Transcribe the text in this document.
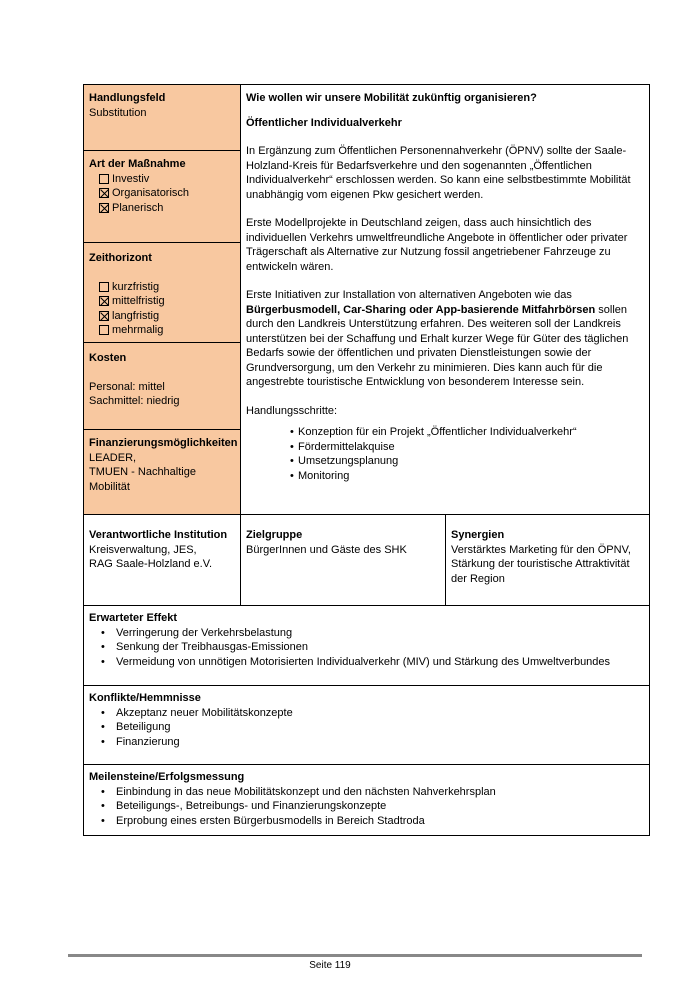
Handlungsfeld

Substitution

Art der Maßnahme

Investiv
Organisatorisch
Planerisch

Zeithorizont

kurzfristig
mittelfristig
langfristig
mehrmalig

Kosten

Personal: mittel

Sachmittel: niedrig

Finanzierungsmöglichkeiten

LEADER,

TMUEN - Nachhaltige

Mobilität

Wie wollen wir unsere Mobilität zukünftig organisieren?

Öffentlicher Individualverkehr

In Ergänzung zum Öffentlichen Personennahverkehr (ÖPNV) sollte der Saale-Holzland-Kreis für Bedarfsverkehre und den sogenannten „Öffentlichen Individualverkehr“ erschlossen werden. So kann eine selbstbestimmte Mobilität unabhängig vom eigenen Pkw gesichert werden.

Erste Modellprojekte in Deutschland zeigen, dass auch hinsichtlich des individuellen Verkehrs umweltfreundliche Angebote in öffentlicher oder privater Trägerschaft als Alternative zur Nutzung fossil angetriebener Fahrzeuge zu entwickeln wären.

Erste Initiativen zur Installation von alternativen Angeboten wie das Bürgerbusmodell, Car-Sharing oder App-basierende Mitfahrbörsen sollen durch den Landkreis Unterstützung erfahren. Des weiteren soll der Landkreis unterstützen bei der Schaffung und Erhalt kurzer Wege für Güter des täglichen Bedarfs sowie der öffentlichen und privaten Dienstleistungen sowie der Grundversorgung, um den Verkehr zu minimieren. Dies kann auch für die angestrebte touristische Entwicklung von besonderem Interesse sein.

Handlungsschritte:

• Konzeption für ein Projekt „Öffentlicher Individualverkehr“
• Fördermittelakquise
• Umsetzungsplanung
• Monitoring

Verantwortliche Institution

Kreisverwaltung, JES,

RAG Saale-Holzland e.V.

Zielgruppe

BürgerInnen und Gäste des SHK

Synergien

Verstärktes Marketing für den ÖPNV, Stärkung der touristische Attraktivität der Region

Erwarteter Effekt

• Verringerung der Verkehrsbelastung
• Senkung der Treibhausgas-Emissionen
• Vermeidung von unnötigen Motorisierten Individualverkehr (MIV) und Stärkung des Umweltverbundes

Konflikte/Hemmnisse

• Akzeptanz neuer Mobilitätskonzepte
• Beteiligung
• Finanzierung

Meilensteine/Erfolgsmessung

• Einbindung in das neue Mobilitätskonzept und den nächsten Nahverkehrsplan
• Beteiligungs-, Betreibungs- und Finanzierungskonzepte
• Erprobung eines ersten Bürgerbusmodells in Bereich Stadtroda
Seite 119
